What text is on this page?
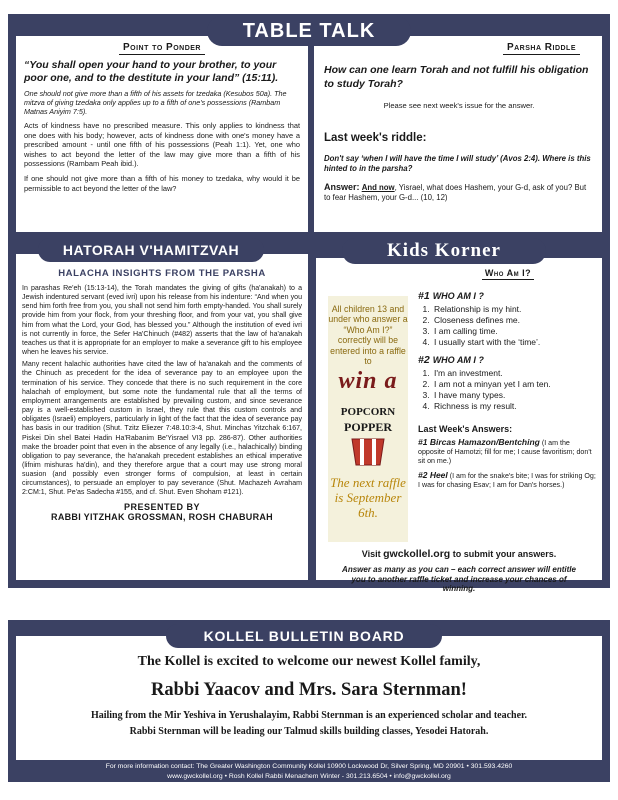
Point to Ponder
“You shall open your hand to your brother, to your poor one, and to the destitute in your land” (15:11).
One should not give more than a fifth of his assets for tzedaka (Kesubos 50a). The mitzva of giving tzedaka only applies up to a fifth of one's possessions (Rambam Matnas Aniyim 7:5).
Acts of kindness have no prescribed measure. This only applies to kindness that one does with his body; however, acts of kindness done with one's money have a prescribed amount - until one fifth of his possessions (Peah 1:1). Yet, one who wishes to act beyond the letter of the law may give more than a fifth of his possessions (Rambam Peah ibid.).
If one should not give more than a fifth of his money to tzedaka, why would it be permissible to act beyond the letter of the law?
Parsha Riddle
How can one learn Torah and not fulfill his obligation to study Torah?
Please see next week's issue for the answer.
Last week's riddle:
Don't say ‘when I will have the time I will study’ (Avos 2:4). Where is this hinted to in the parsha?
Answer: And now, Yisrael, what does Hashem, your G-d, ask of you? But to fear Hashem, your G-d... (10, 12)
TABLE TALK
HALACHA INSIGHTS FROM THE PARSHA
In parashas Re'eh (15:13-14), the Torah mandates the giving of gifts (ha'anakah) to a Jewish indentured servant (eved ivri) upon his release from his indenture: “And when you send him forth free from you, you shall not send him forth empty-handed. You shall surely provide him from your flock, from your threshing floor, and from your vat, you shall give him from what the Lord, your God, has blessed you.” Although the institution of eved ivri is not currently in force, the Sefer Ha'Chinuch (#482) asserts that the law of ha'anakah teaches us that it is appropriate for an employer to make a severance gift to his employee when he leaves his service.
Many recent halachic authorities have cited the law of ha'anakah and the comments of the Chinuch as precedent for the idea of severance pay to an employee upon the termination of his service. They concede that there is no such requirement in the core halachah of employment, but some note the fundamental rule that all the terms of employment arrangements are established by prevailing custom, and since severance pay is a well-established custom in Israel, they rule that this custom controls and obligates (Israeli) employers, particularly in light of the fact that the idea of severance pay has basis in our tradition (Shut. Tzitz Eliezer 7:48.10:3-4, Shut. Minchas Yitzchak 6:167, Piskei Din shel Batei Hadin Ha'Rabanim Be'Yisrael VI3 pp. 286-87). Other authorities make the broader point that even in the absence of any legally (i.e., halachically) binding obligation to pay severance, the ha'anakah precedent establishes an ethical imperative (lifnim mishuras ha'din), and they therefore argue that a court may use strong moral suasion (and possibly even stronger forms of compulsion, at least in certain circumstances), to persuade an employer to pay severance (Shut. Machazeh Avraham 2:CM:1, Shut. Pe'as Sadecha #155, and cf. Shut. Even Shoham #121).
PRESENTED BY
RABBI YITZHAK GROSSMAN, ROSH CHABURAH
HATORAH V'HAMITZVAH	Kids Korner
All children 13 and under who answer a “Who Am I?” correctly will be entered into a raffle to
win a
POPCORN
POPPER
The next raffle is September 6th.
Who Am I?
#1 WHO AM I ?
1. Relationship is my hint.
2. Closeness defines me.
3. I am calling time.
4. I usually start with the ‘time’.
#2 WHO AM I ?
1. I'm an investment.
2. I am not a minyan yet I am ten.
3. I have many types.
4. Richness is my result.
Last Week's Answers:
#1 Bircas Hamazon/Bentching (I am the opposite of Hamotzi; fill for me; I cause favoritism; don't sit on me.)
#2 Heel (I am for the snake's bite; I was for striking Og; I was for chasing Esav; I am for Dan's horses.)
Visit gwckollel.org to submit your answers.
Answer as many as you can – each correct answer will entitle you to another raffle ticket and increase your chances of winning.
The Kollel is excited to welcome our newest Kollel family,
Rabbi Yaacov and Mrs. Sara Sternman!
Hailing from the Mir Yeshiva in Yerushalayim, Rabbi Sternman is an experienced scholar and teacher.
Rabbi Sternman will be leading our Talmud skills building classes, Yesodei Hatorah.
KOLLEL BULLETIN BOARD
For more information contact: The Greater Washington Community Kollel 10900 Lockwood Dr, Silver Spring, MD 20901 • 301.593.4260
www.gwckollel.org • Rosh Kollel Rabbi Menachem Winter - 301.213.6504 • info@gwckollel.org
